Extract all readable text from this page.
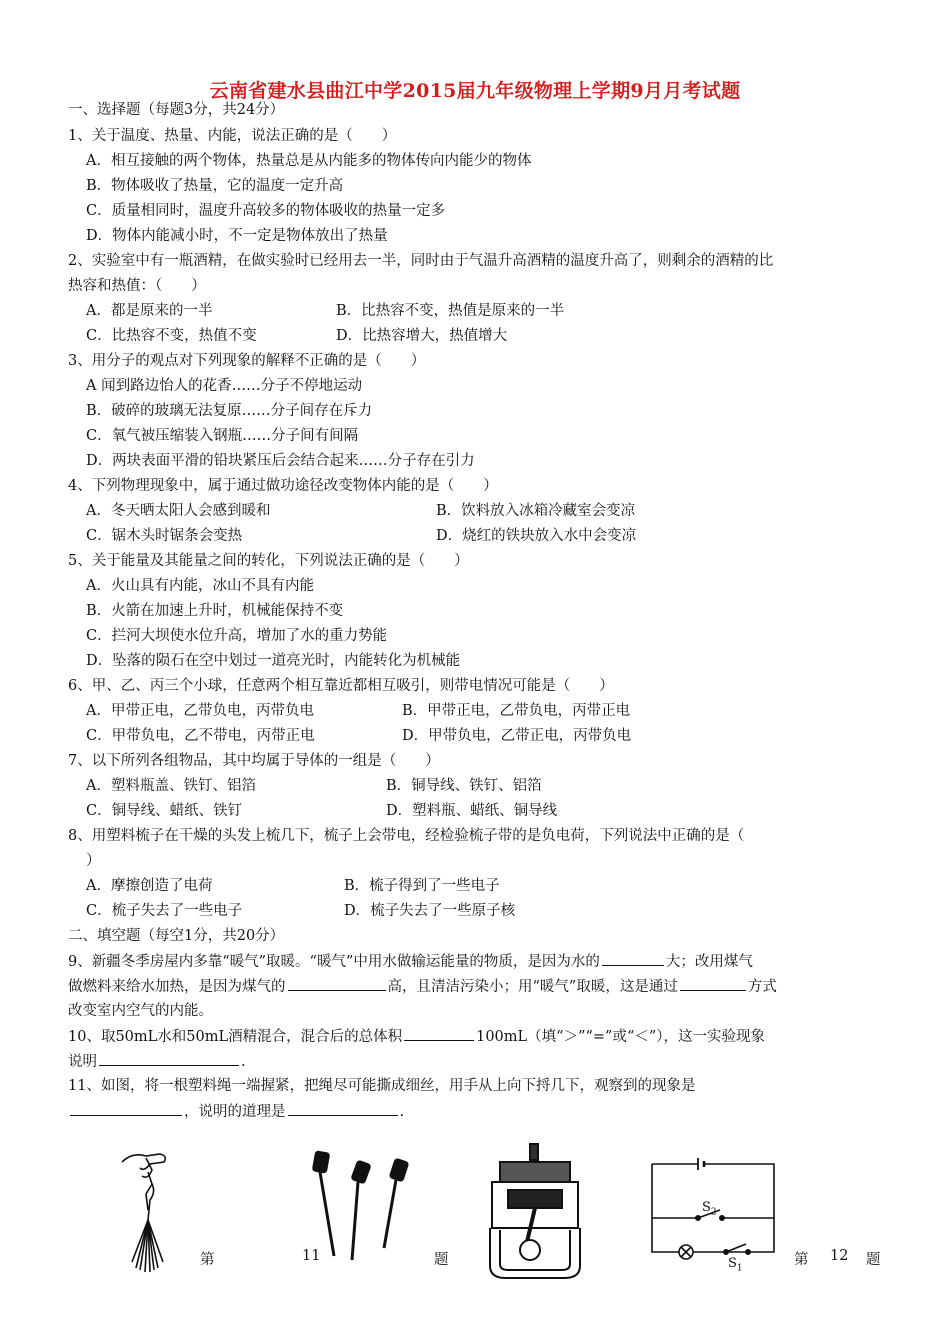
云南省建水县曲江中学2015届九年级物理上学期9月月考试题
一、选择题（每题3分，共24分）
1、关于温度、热量、内能，说法正确的是（　　）
A．相互接触的两个物体，热量总是从内能多的物体传向内能少的物体
B．物体吸收了热量，它的温度一定升高
C．质量相同时，温度升高较多的物体吸收的热量一定多
D．物体内能减小时，不一定是物体放出了热量
2、实验室中有一瓶酒精，在做实验时已经用去一半，同时由于气温升高酒精的温度升高了，则剩余的酒精的比
热容和热值：（　　）
A．都是原来的一半	B．比热容不变，热值是原来的一半
C．比热容不变，热值不变	D．比热容增大，热值增大
3、用分子的观点对下列现象的解释不正确的是（　　）
A 闻到路边怡人的花香……分子不停地运动
B．破碎的玻璃无法复原……分子间存在斥力
C．氧气被压缩装入钢瓶……分子间有间隔
D．两块表面平滑的铅块紧压后会结合起来……分子存在引力
4、下列物理现象中，属于通过做功途径改变物体内能的是（　　）
A．冬天晒太阳人会感到暖和	B．饮料放入冰箱冷藏室会变凉
C．锯木头时锯条会变热	D．烧红的铁块放入水中会变凉
5、关于能量及其能量之间的转化，下列说法正确的是（　　）
A．火山具有内能，冰山不具有内能
B．火箭在加速上升时，机械能保持不变
C．拦河大坝使水位升高，增加了水的重力势能
D．坠落的陨石在空中划过一道亮光时，内能转化为机械能
6、甲、乙、丙三个小球，任意两个相互靠近都相互吸引，则带电情况可能是（　　）
A．甲带正电，乙带负电，丙带负电	B．甲带正电，乙带负电，丙带正电
C．甲带负电，乙不带电，丙带正电	D．甲带负电，乙带正电，丙带负电
7、以下所列各组物品，其中均属于导体的一组是（　　）
A．塑料瓶盖、铁钉、铝箔	B．铜导线、铁钉、铝箔
C．铜导线、蜡纸、铁钉	D．塑料瓶、蜡纸、铜导线
8、用塑料梳子在干燥的头发上梳几下，梳子上会带电，经检验梳子带的是负电荷，下列说法中正确的是（
）
A．摩擦创造了电荷	B．梳子得到了一些电子
C．梳子失去了一些电子	D．梳子失去了一些原子核
二、填空题（每空1分，共20分）
9、新疆冬季房屋内多靠“暖气”取暖。“暖气”中用水做输运能量的物质，是因为水的	大；改用煤气
做燃料来给水加热，是因为煤气的	高，且清洁污染小；用“暖气”取暖，这是通过	方式
改变室内空气的内能。
10、取50mL水和50mL酒精混合，混合后的总体积	100mL（填“＞”“=”或“＜”），这一实验现象
说明	.
11、如图，将一根塑料绳一端握紧，把绳尽可能撕成细丝，用手从上向下捋几下，观察到的现象是
，说明的道理是	.
$S_2$
$S_1$
第	11	题	第 12 题
